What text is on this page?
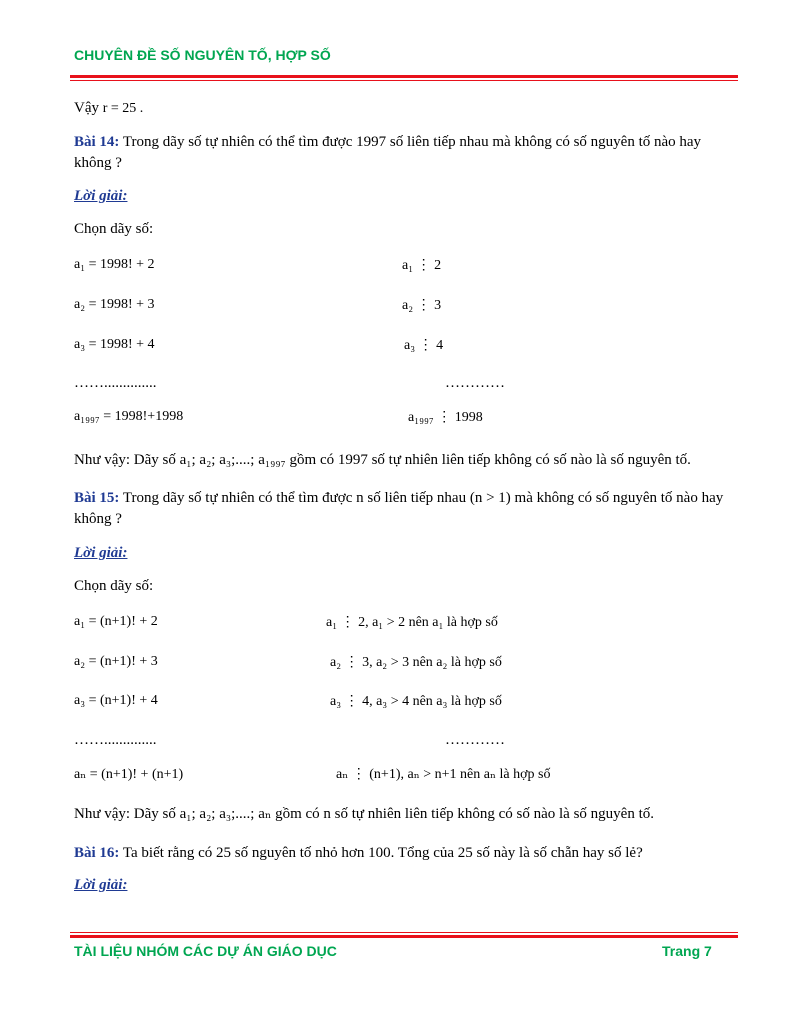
CHUYÊN ĐỀ SỐ NGUYÊN TỐ, HỢP SỐ
Vậy r = 25 .
Bài 14: Trong dãy số tự nhiên có thể tìm được 1997 số liên tiếp nhau mà không có số nguyên tố nào hay không ?
Lời giải:
Chọn dãy số:
a₁ = 1998! + 2	a₁ ⋮ 2
a₂ = 1998! + 3	a₂ ⋮ 3
a₃ = 1998! + 4	a₃ ⋮ 4
……..............	…………
a₁₉₉₇ = 1998!+1998	a₁₉₉₇ ⋮ 1998
Như vậy: Dãy số a₁; a₂; a₃;....; a₁₉₉₇ gồm có 1997 số tự nhiên liên tiếp không có số nào là số nguyên tố.
Bài 15: Trong dãy số tự nhiên có thể tìm được n số liên tiếp nhau (n > 1) mà không có số nguyên tố nào hay không ?
Lời giải:
Chọn dãy số:
a₁ = (n+1)! + 2	a₁ ⋮ 2, a₁ > 2 nên a₁ là hợp số
a₂ = (n+1)! + 3	a₂ ⋮ 3, a₂ > 3 nên a₂ là hợp số
a₃ = (n+1)! + 4	a₃ ⋮ 4, a₃ > 4 nên a₃ là hợp số
……..............	…………
aₙ = (n+1)! + (n+1)	aₙ ⋮ (n+1), aₙ > n+1 nên aₙ là hợp số
Như vậy: Dãy số a₁; a₂; a₃;....; aₙ gồm có n số tự nhiên liên tiếp không có số nào là số nguyên tố.
Bài 16: Ta biết rằng có 25 số nguyên tố nhỏ hơn 100. Tổng của 25 số này là số chẵn hay số lẻ?
Lời giải:
TÀI LIỆU NHÓM CÁC DỰ ÁN GIÁO DỤC	Trang 7
